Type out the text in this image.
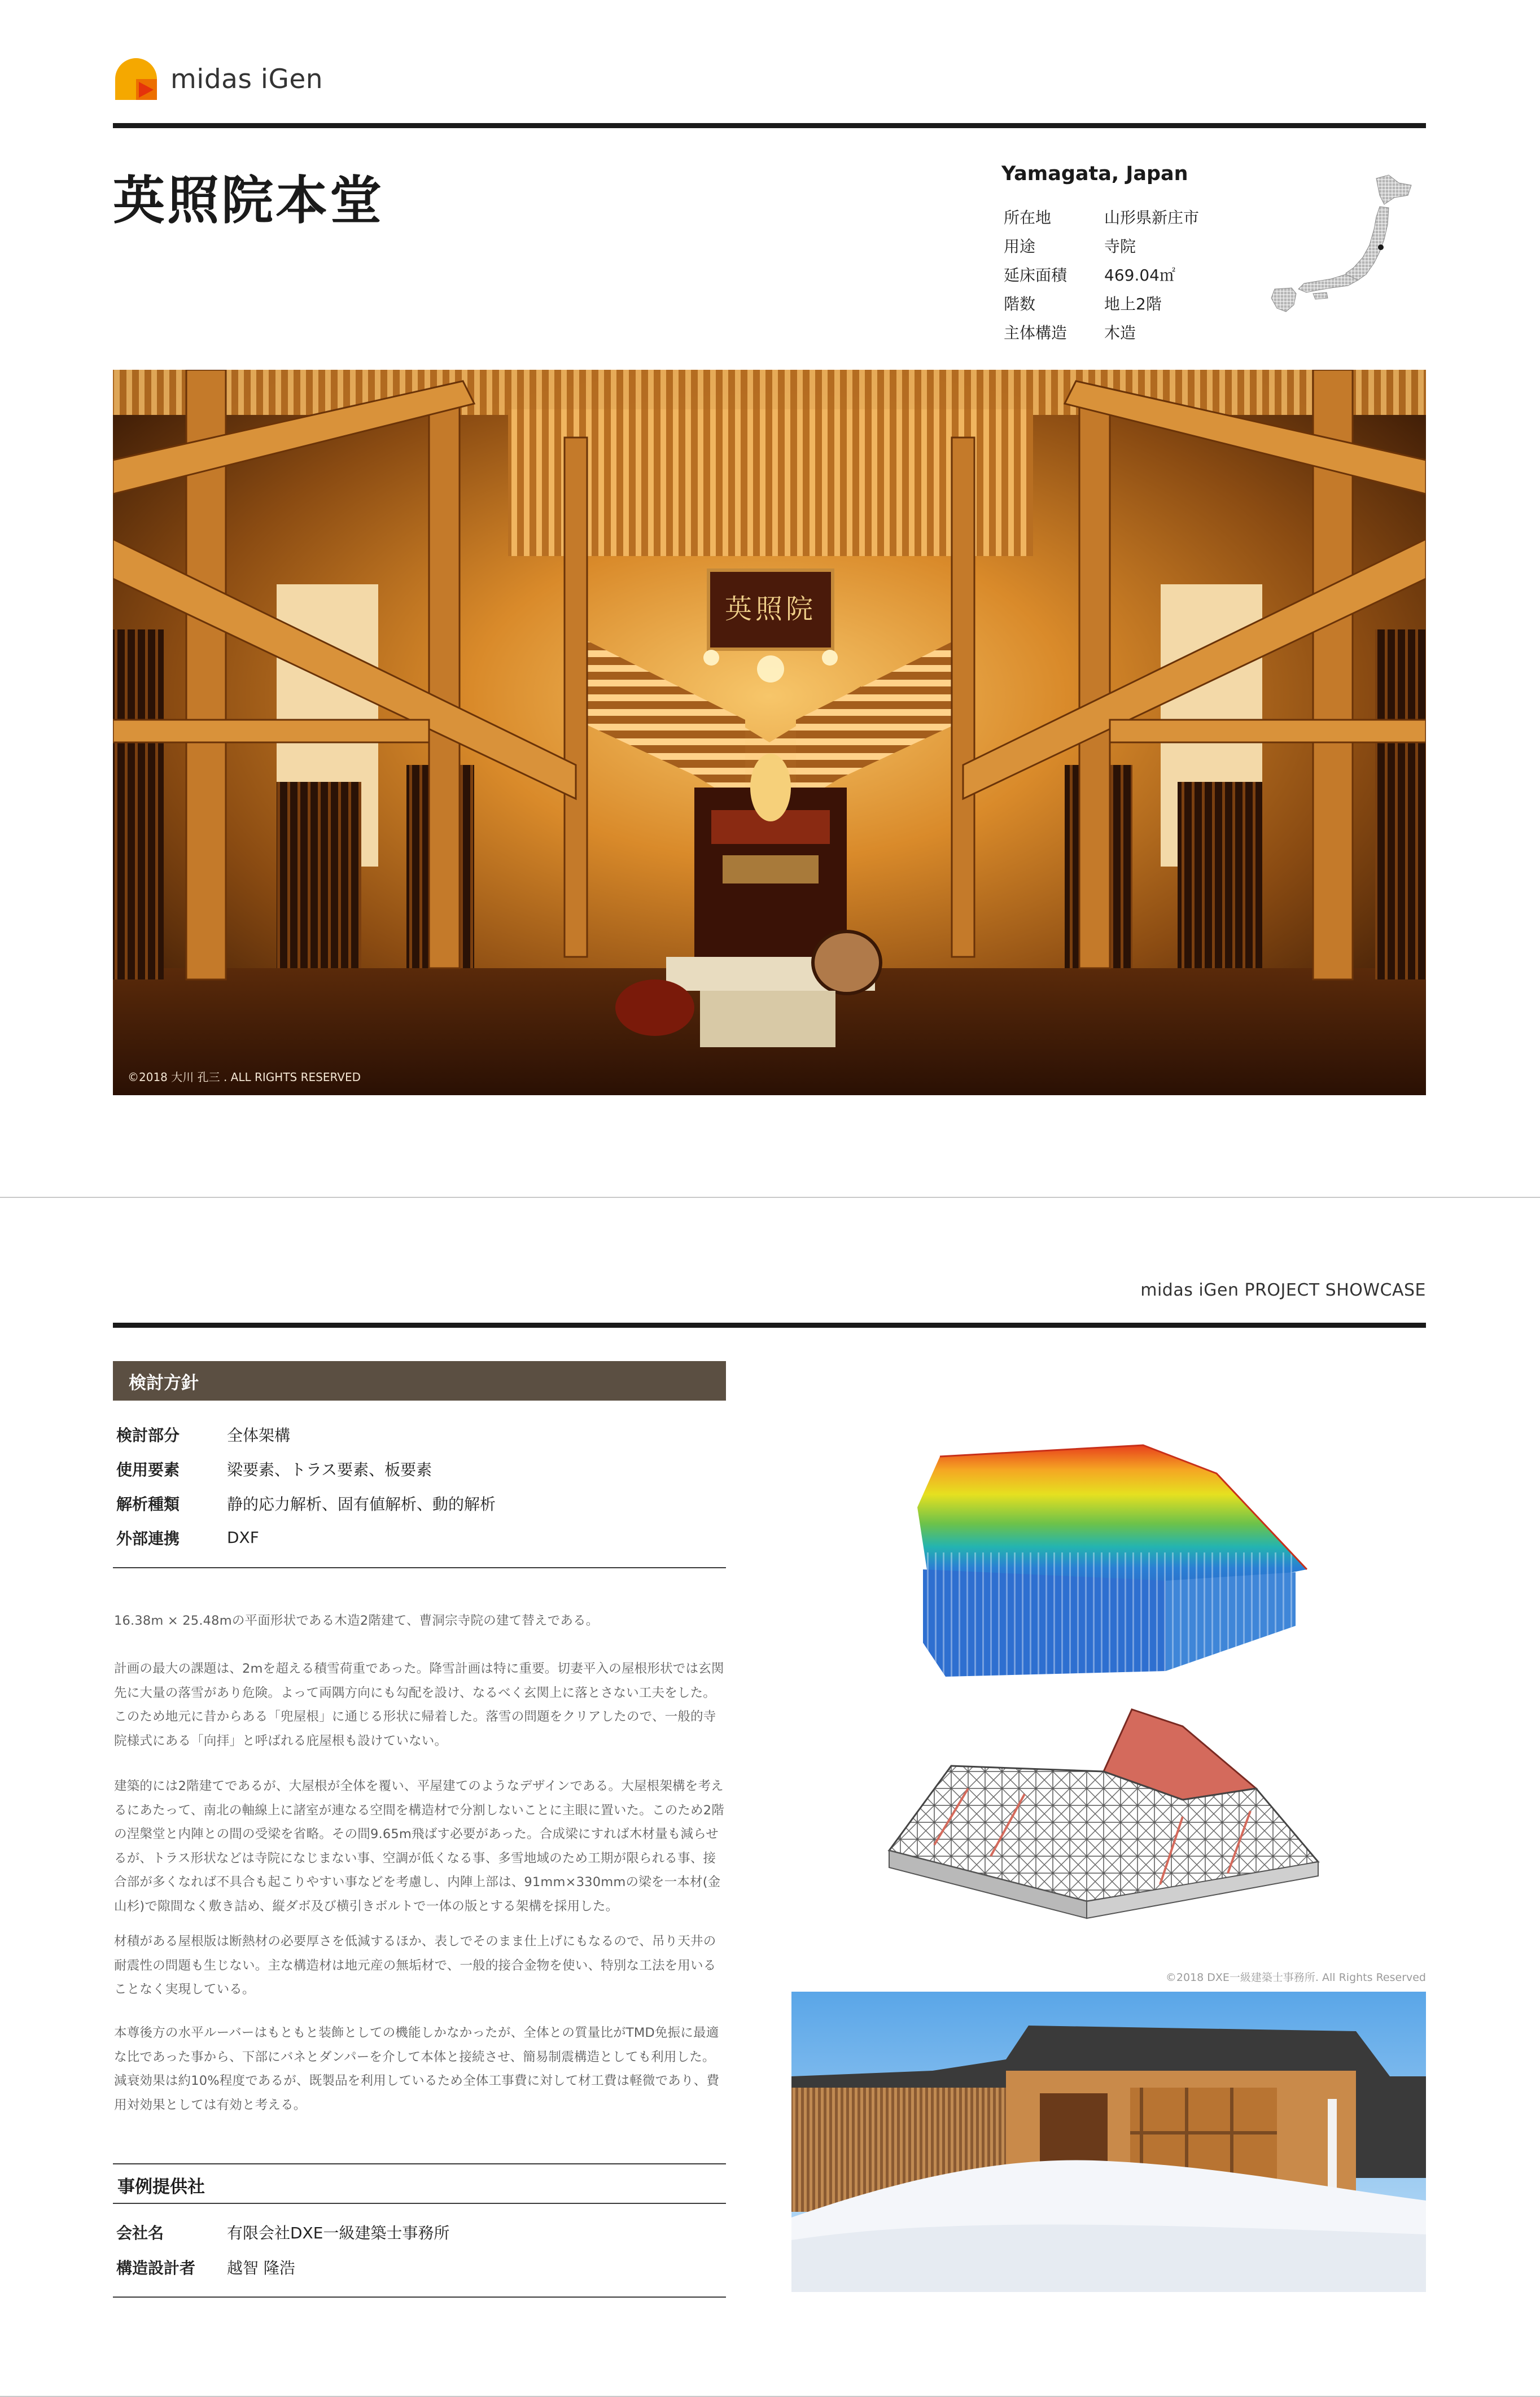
midas iGen
英照院本堂	Yamagata, Japan
所在地	山形県新庄市
用途	寺院
延床面積	469.04㎡
階数	地上2階
主体構造	木造
英照院
©2018 大川 孔三 . ALL RIGHTS RESERVED
midas iGen PROJECT SHOWCASE
検討方針
検討部分	全体架構
使用要素	梁要素、トラス要素、板要素
解析種類	静的応力解析、固有値解析、動的解析
外部連携	DXF
16.38m × 25.48mの平面形状である木造2階建て、曹洞宗寺院の建て替えである。
計画の最大の課題は、2mを超える積雪荷重であった。降雪計画は特に重要。切妻平入の屋根形状では玄関先に大量の落雪があり危険。よって両隅方向にも勾配を設け、なるべく玄関上に落とさない工夫をした。このため地元に昔からある「兜屋根」に通じる形状に帰着した。落雪の問題をクリアしたので、一般的寺院様式にある「向拝」と呼ばれる庇屋根も設けていない。
建築的には2階建てであるが、大屋根が全体を覆い、平屋建てのようなデザインである。大屋根架構を考えるにあたって、南北の軸線上に諸室が連なる空間を構造材で分割しないことに主眼に置いた。このため2階の涅槃堂と内陣との間の受梁を省略。その間9.65m飛ばす必要があった。合成梁にすれば木材量も減らせるが、トラス形状などは寺院になじまない事、空調が低くなる事、多雪地域のため工期が限られる事、接合部が多くなれば不具合も起こりやすい事などを考慮し、内陣上部は、91mm×330mmの梁を一本材(金山杉)で隙間なく敷き詰め、縦ダボ及び横引きボルトで一体の版とする架構を採用した。
材積がある屋根版は断熱材の必要厚さを低減するほか、表しでそのまま仕上げにもなるので、吊り天井の耐震性の問題も生じない。主な構造材は地元産の無垢材で、一般的接合金物を使い、特別な工法を用いることなく実現している。
本尊後方の水平ルーバーはもともと装飾としての機能しかなかったが、全体との質量比がTMD免振に最適な比であった事から、下部にバネとダンパーを介して本体と接続させ、簡易制震構造としても利用した。減衰効果は約10%程度であるが、既製品を利用しているため全体工事費に対して材工費は軽微であり、費用対効果としては有効と考える。
事例提供社
会社名	有限会社DXE一級建築士事務所
構造設計者	越智 隆浩
©2018 DXE一級建築士事務所. All Rights Reserved
